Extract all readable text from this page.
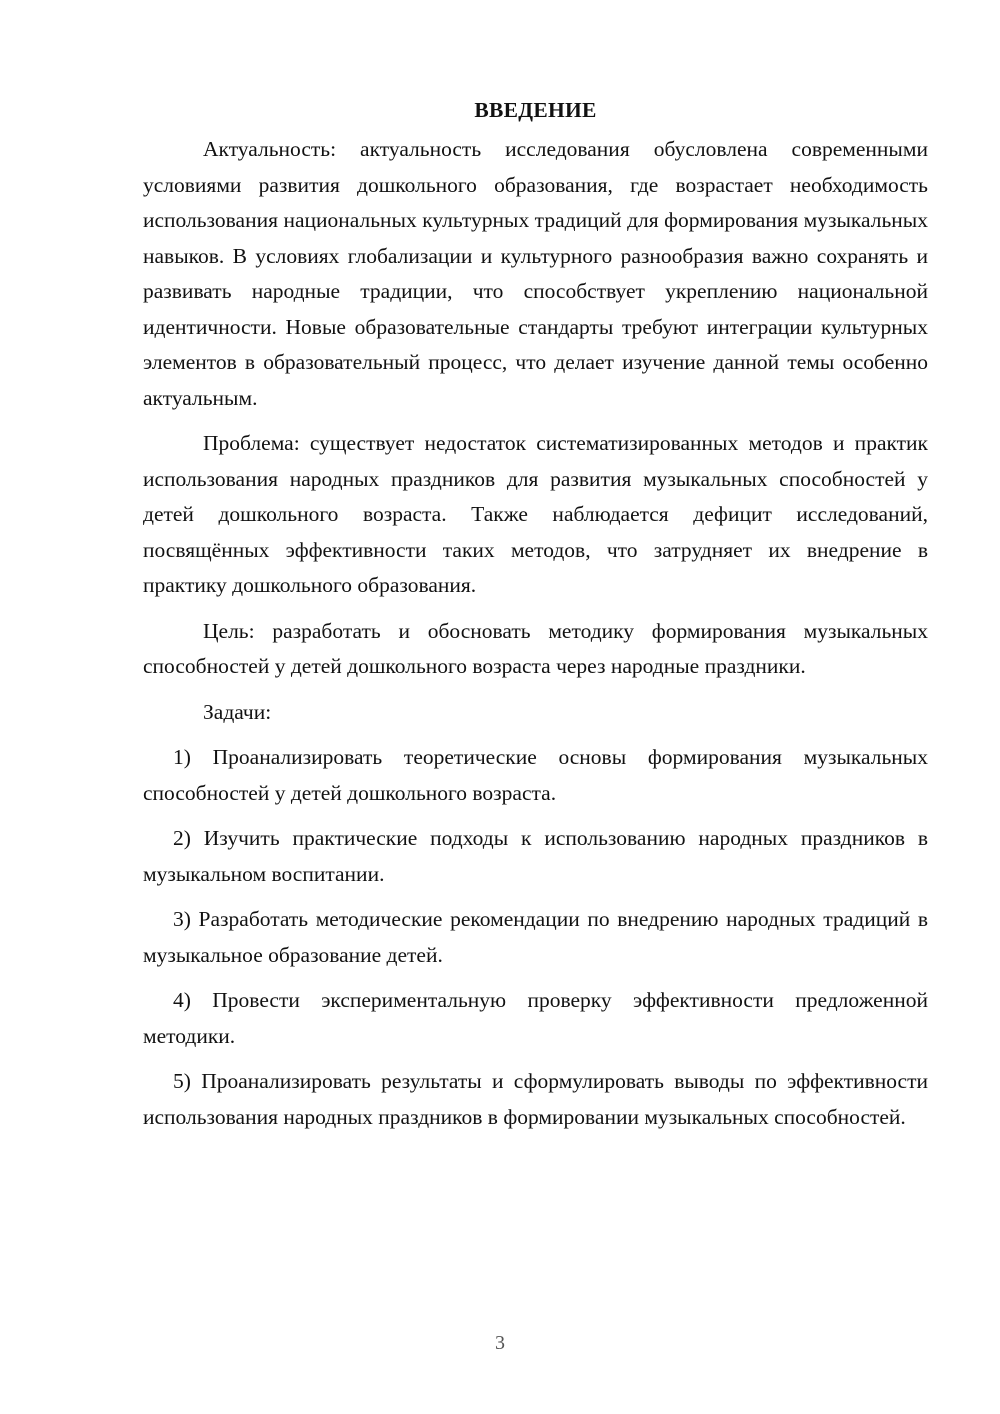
ВВЕДЕНИЕ

Актуальность: актуальность исследования обусловлена современными условиями развития дошкольного образования, где возрастает необходимость использования национальных культурных традиций для формирования музыкальных навыков. В условиях глобализации и культурного разнообразия важно сохранять и развивать народные традиции, что способствует укреплению национальной идентичности. Новые образовательные стандарты требуют интеграции культурных элементов в образовательный процесс, что делает изучение данной темы особенно актуальным.

Проблема: существует недостаток систематизированных методов и практик использования народных праздников для развития музыкальных способностей у детей дошкольного возраста. Также наблюдается дефицит исследований, посвящённых эффективности таких методов, что затрудняет их внедрение в практику дошкольного образования.

Цель: разработать и обосновать методику формирования музыкальных способностей у детей дошкольного возраста через народные праздники.

Задачи:

1) Проанализировать теоретические основы формирования музыкальных способностей у детей дошкольного возраста.

2) Изучить практические подходы к использованию народных праздников в музыкальном воспитании.

3) Разработать методические рекомендации по внедрению народных традиций в музыкальное образование детей.

4) Провести экспериментальную проверку эффективности предложенной методики.

5) Проанализировать результаты и сформулировать выводы по эффективности использования народных праздников в формировании музыкальных способностей.

3
